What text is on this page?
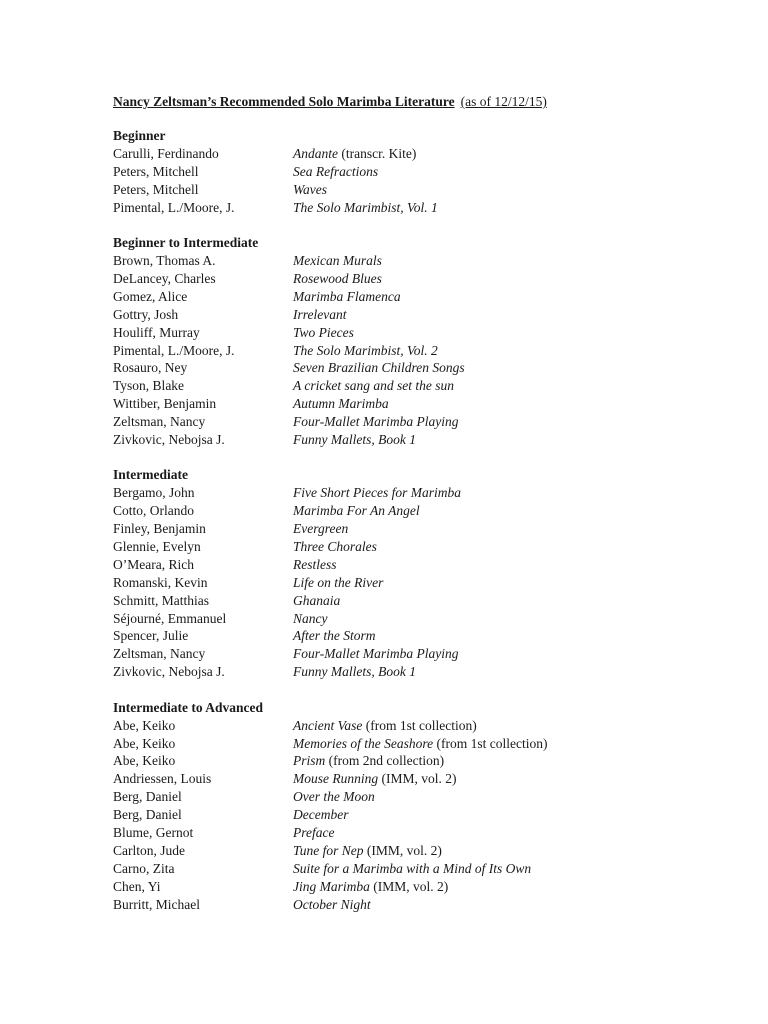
Nancy Zeltsman’s Recommended Solo Marimba Literature (as of 12/12/15)
Beginner
Carulli, Ferdinando	Andante (transcr. Kite)
Peters, Mitchell	Sea Refractions
Peters, Mitchell	Waves
Pimental, L./Moore, J.	The Solo Marimbist, Vol. 1
Beginner to Intermediate
Brown, Thomas A.	Mexican Murals
DeLancey, Charles	Rosewood Blues
Gomez, Alice	Marimba Flamenca
Gottry, Josh	Irrelevant
Houliff, Murray	Two Pieces
Pimental, L./Moore, J.	The Solo Marimbist, Vol. 2
Rosauro, Ney	Seven Brazilian Children Songs
Tyson, Blake	A cricket sang and set the sun
Wittiber, Benjamin	Autumn Marimba
Zeltsman, Nancy	Four-Mallet Marimba Playing
Zivkovic, Nebojsa J.	Funny Mallets, Book 1
Intermediate
Bergamo, John	Five Short Pieces for Marimba
Cotto, Orlando	Marimba For An Angel
Finley, Benjamin	Evergreen
Glennie, Evelyn	Three Chorales
O’Meara, Rich	Restless
Romanski, Kevin	Life on the River
Schmitt, Matthias	Ghanaia
Séjourné, Emmanuel	Nancy
Spencer, Julie	After the Storm
Zeltsman, Nancy	Four-Mallet Marimba Playing
Zivkovic, Nebojsa J.	Funny Mallets, Book 1
Intermediate to Advanced
Abe, Keiko	Ancient Vase (from 1st collection)
Abe, Keiko	Memories of the Seashore (from 1st collection)
Abe, Keiko	Prism (from 2nd collection)
Andriessen, Louis	Mouse Running (IMM, vol. 2)
Berg, Daniel	Over the Moon
Berg, Daniel	December
Blume, Gernot	Preface
Carlton, Jude	Tune for Nep (IMM, vol. 2)
Carno, Zita	Suite for a Marimba with a Mind of Its Own
Chen, Yi	Jing Marimba (IMM, vol. 2)
Burritt, Michael	October Night
